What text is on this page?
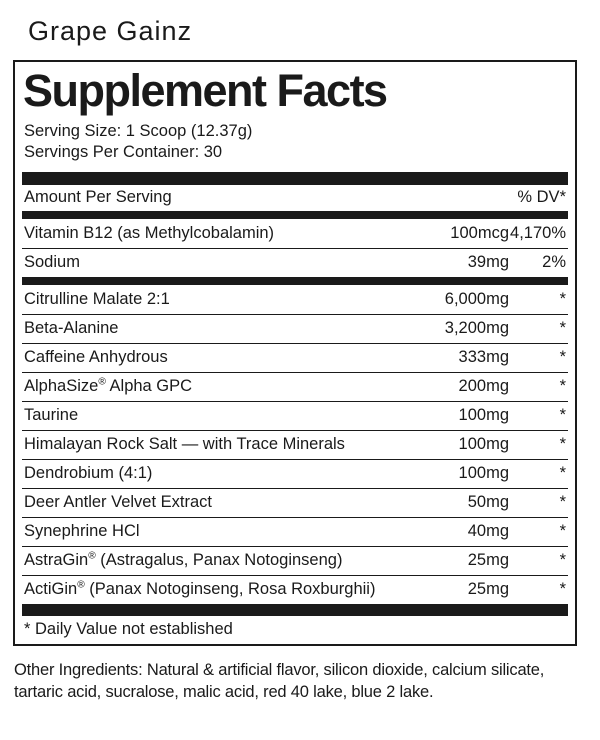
Grape Gainz
Supplement Facts
Serving Size: 1 Scoop (12.37g)
Servings Per Container: 30
Amount Per Serving	% DV*
Vitamin B12 (as Methylcobalamin)	100mcg 4,170%
Sodium	39mg	2%
Citrulline Malate 2:1	6,000mg	*
Beta-Alanine	3,200mg	*
Caffeine Anhydrous	333mg	*
AlphaSize® Alpha GPC	200mg	*
Taurine	100mg	*
Himalayan Rock Salt — with Trace Minerals	100mg	*
Dendrobium (4:1)	100mg	*
Deer Antler Velvet Extract	50mg	*
Synephrine HCl	40mg	*
AstraGin® (Astragalus, Panax Notoginseng)	25mg	*
ActiGin® (Panax Notoginseng, Rosa Roxburghii)	25mg	*
* Daily Value not established
Other Ingredients: Natural & artificial flavor, silicon dioxide, calcium silicate, tartaric acid, sucralose, malic acid, red 40 lake, blue 2 lake.
